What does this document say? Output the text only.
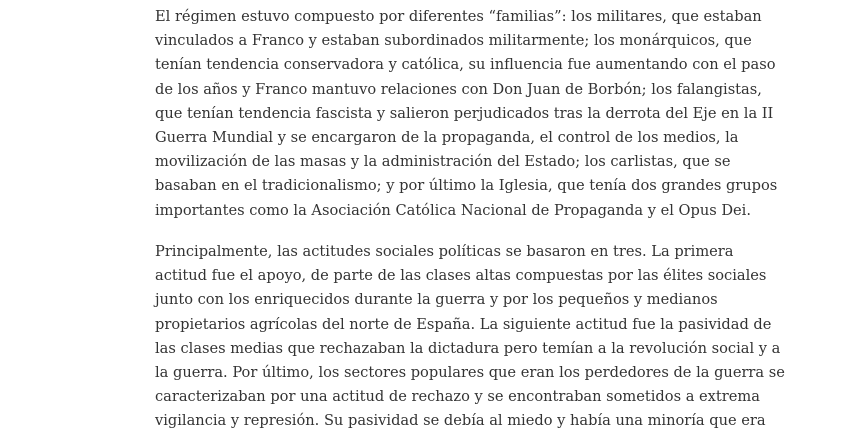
El régimen estuvo compuesto por diferentes “familias”: los militares, que estaban
vinculados a Franco y estaban subordinados militarmente; los monárquicos, que
tenían tendencia conservadora y católica, su influencia fue aumentando con el paso
de los años y Franco mantuvo relaciones con Don Juan de Borbón; los falangistas,
que tenían tendencia fascista y salieron perjudicados tras la derrota del Eje en la II
Guerra Mundial y se encargaron de la propaganda, el control de los medios, la
movilización de las masas y la administración del Estado; los carlistas, que se
basaban en el tradicionalismo; y por último la Iglesia, que tenía dos grandes grupos
importantes como la Asociación Católica Nacional de Propaganda y el Opus Dei.

Principalmente, las actitudes sociales políticas se basaron en tres. La primera
actitud fue el apoyo, de parte de las clases altas compuestas por las élites sociales
junto con los enriquecidos durante la guerra y por los pequeños y medianos
propietarios agrícolas del norte de España. La siguiente actitud fue la pasividad de
las clases medias que rechazaban la dictadura pero temían a la revolución social y a
la guerra. Por último, los sectores populares que eran los perdedores de la guerra se
caracterizaban por una actitud de rechazo y se encontraban sometidos a extrema
vigilancia y represión. Su pasividad se debía al miedo y había una minoría que era
